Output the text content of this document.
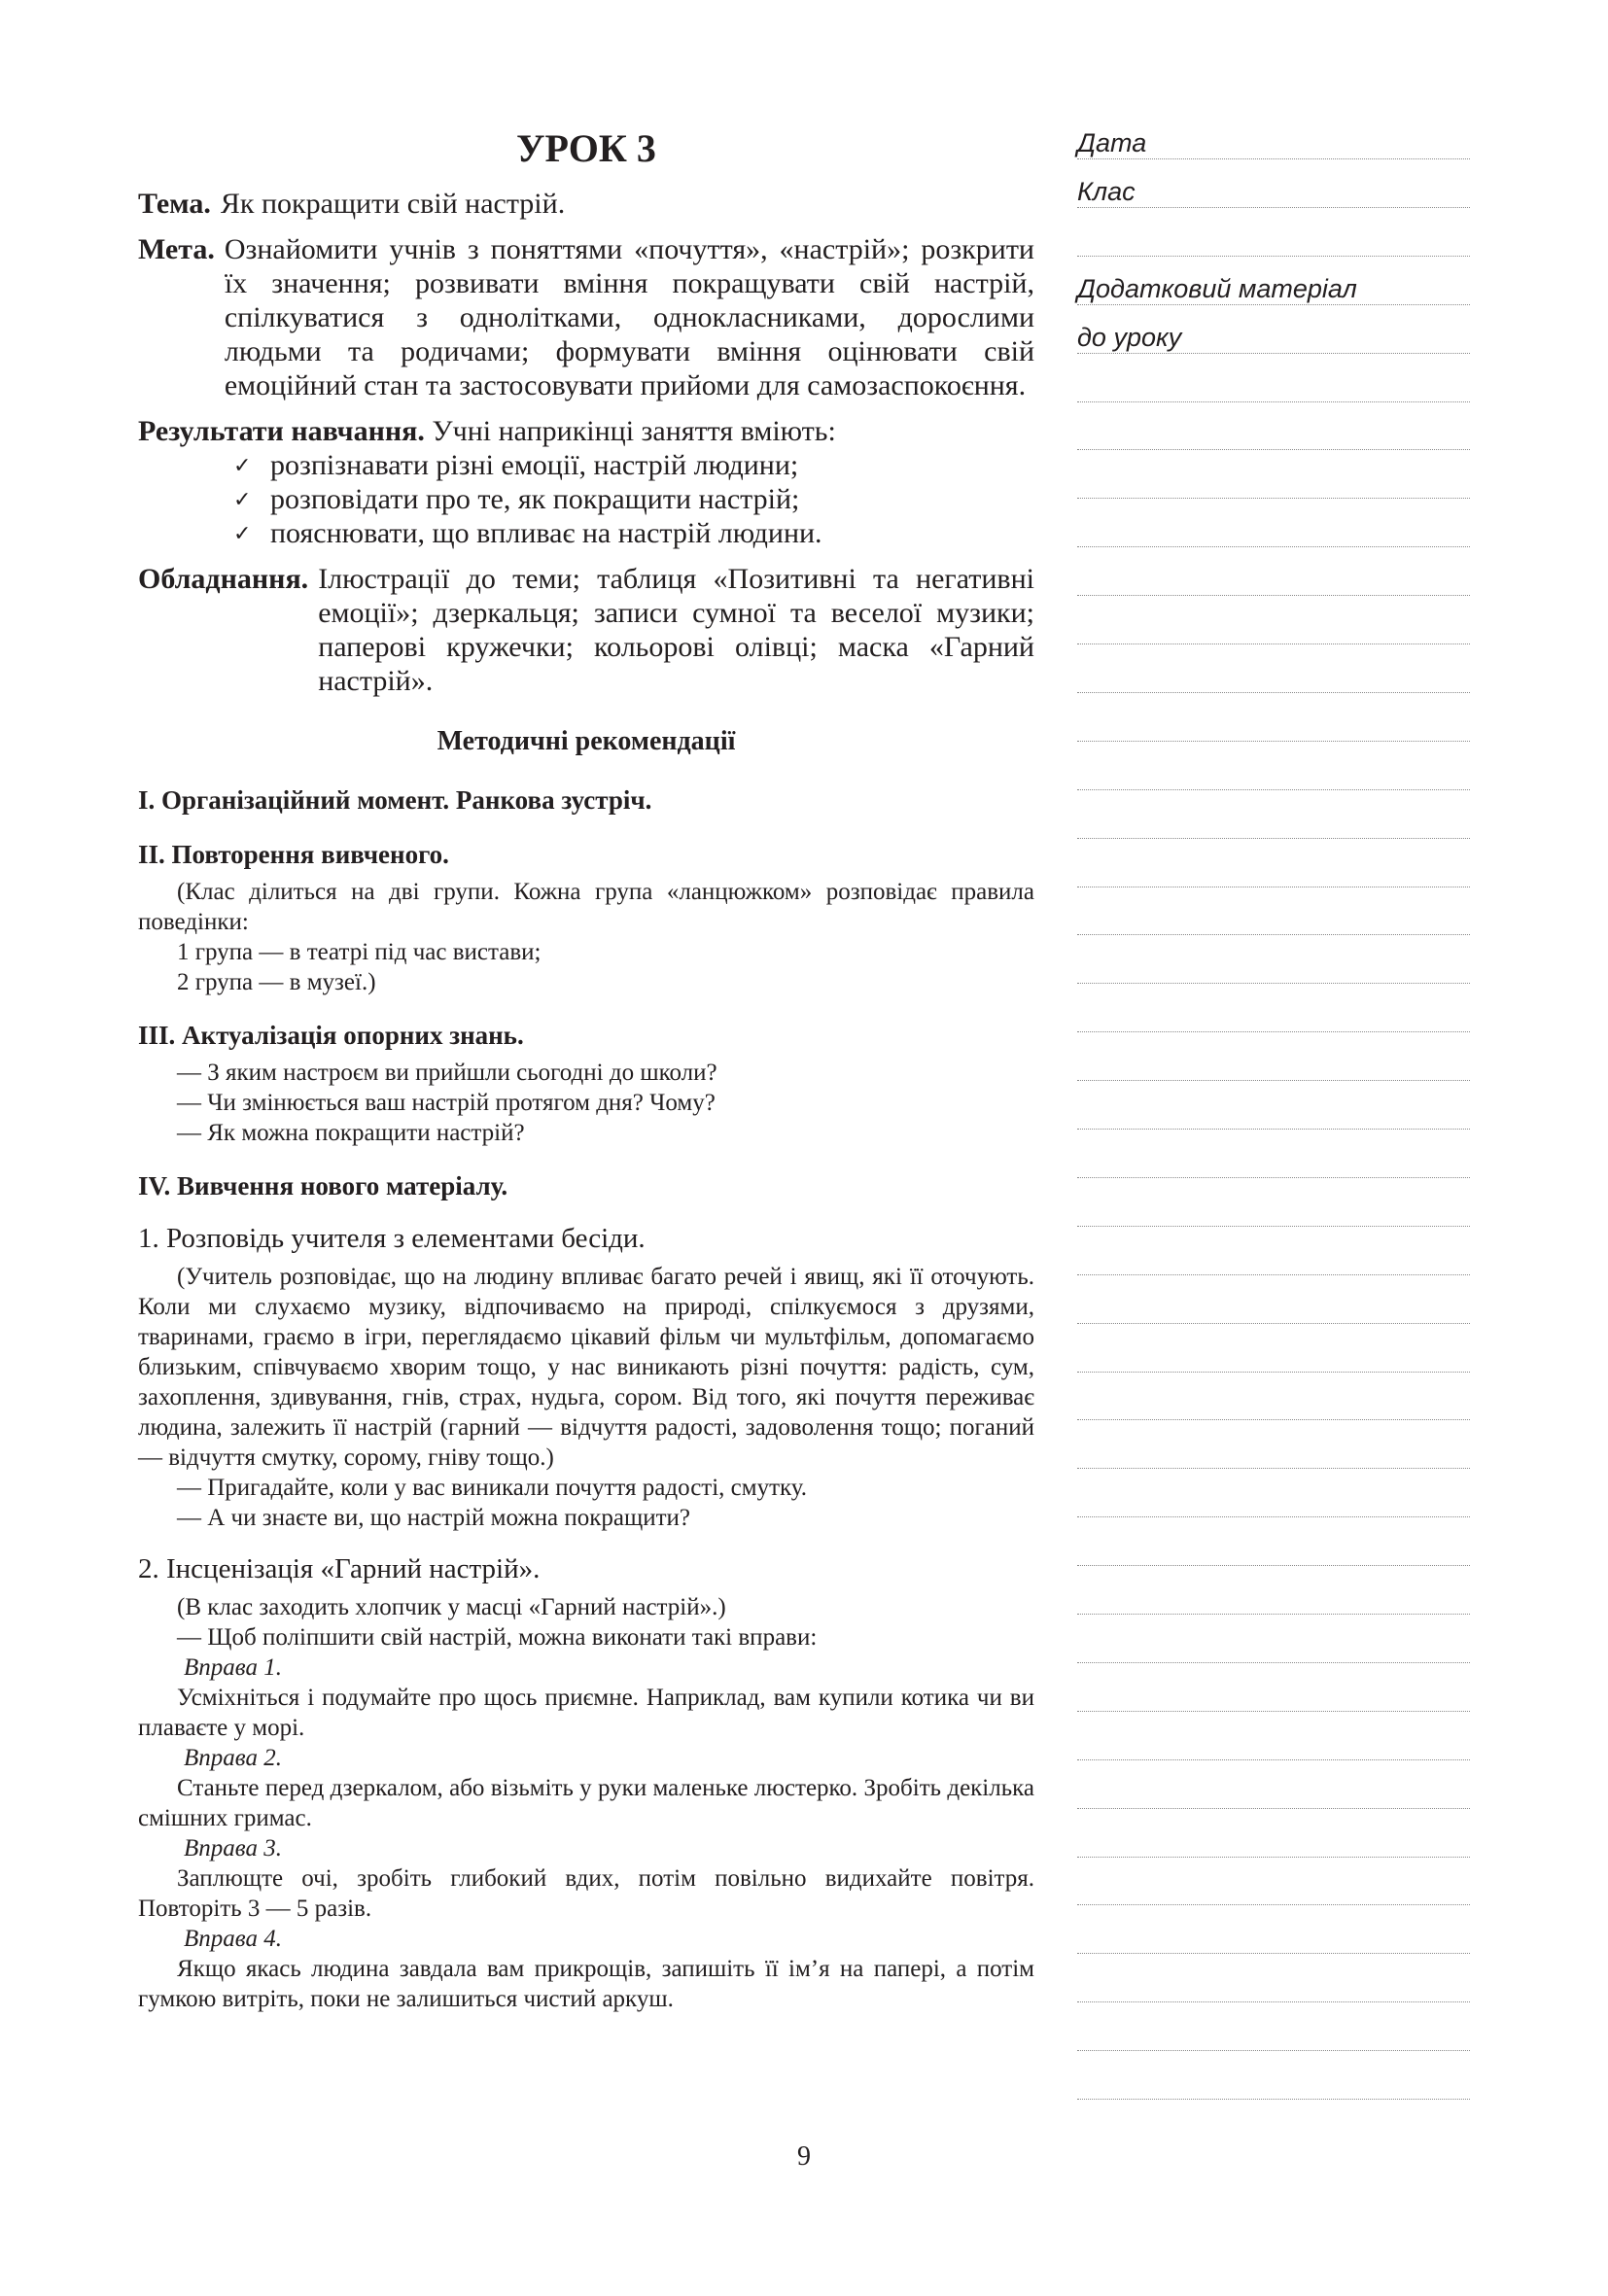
УРОК 3
Тема. Як покращити свій настрій.
Мета. Ознайомити учнів з поняттями «почуття», «настрій»; розкрити їх значення; розвивати вміння покращувати свій настрій, спілкуватися з однолітками, однокласниками, дорослими людьми та родичами; формувати вміння оцінювати свій емоційний стан та застосовувати прийоми для самозаспокоєння.
Результати навчання. Учні наприкінці заняття вміють:
✓ розпізнавати різні емоції, настрій людини;
✓ розповідати про те, як покращити настрій;
✓ пояснювати, що впливає на настрій людини.
Обладнання. Ілюстрації до теми; таблиця «Позитивні та негативні емоції»; дзеркальця; записи сумної та веселої музики; паперові кружечки; кольорові олівці; маска «Гарний настрій».
Методичні рекомендації
I. Організаційний момент. Ранкова зустріч.
II. Повторення вивченого.
(Клас ділиться на дві групи. Кожна група «ланцюжком» розповідає правила поведінки:
1 група — в театрі під час вистави;
2 група — в музеї.)
III. Актуалізація опорних знань.
— З яким настроєм ви прийшли сьогодні до школи?
— Чи змінюється ваш настрій протягом дня? Чому?
— Як можна покращити настрій?
IV. Вивчення нового матеріалу.
1. Розповідь учителя з елементами бесіди.
(Учитель розповідає, що на людину впливає багато речей і явищ, які її оточують. Коли ми слухаємо музику, відпочиваємо на природі, спілкуємося з друзями, тваринами, граємо в ігри, переглядаємо цікавий фільм чи мультфільм, допомагаємо близьким, співчуваємо хворим тощо, у нас виникають різні почуття: радість, сум, захоплення, здивування, гнів, страх, нудьга, сором. Від того, які почуття переживає людина, залежить її настрій (гарний — відчуття радості, задоволення тощо; поганий — відчуття смутку, сорому, гніву тощо.)
— Пригадайте, коли у вас виникали почуття радості, смутку.
— А чи знаєте ви, що настрій можна покращити?
2. Інсценізація «Гарний настрій».
(В клас заходить хлопчик у масці «Гарний настрій».)
— Щоб поліпшити свій настрій, можна виконати такі вправи:
Вправа 1.
Усміхніться і подумайте про щось приємне. Наприклад, вам купили котика чи ви плаваєте у морі.
Вправа 2.
Станьте перед дзеркалом, або візьміть у руки маленьке люстерко. Зробіть декілька смішних гримас.
Вправа 3.
Заплющте очі, зробіть глибокий вдих, потім повільно видихайте повітря. Повторіть 3 — 5 разів.
Вправа 4.
Якщо якась людина завдала вам прикрощів, запишіть її ім’я на папері, а потім гумкою витріть, поки не залишиться чистий аркуш.
Дата
Клас
Додатковий матеріал
до уроку
9
